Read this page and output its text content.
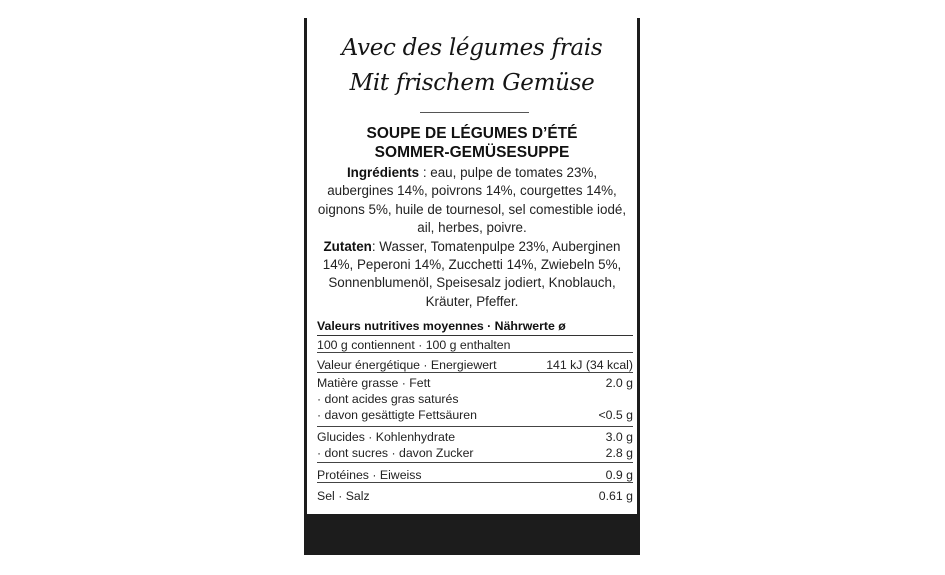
Avec des légumes frais
Mit frischem Gemüse
SOUPE DE LÉGUMES D’ÉTÉ
SOMMER-GEMÜSESUPPE
Ingrédients : eau, pulpe de tomates 23%, aubergines 14%, poivrons 14%, courgettes 14%, oignons 5%, huile de tournesol, sel comestible iodé, ail, herbes, poivre.
Zutaten: Wasser, Tomatenpulpe 23%, Auberginen 14%, Peperoni 14%, Zucchetti 14%, Zwiebeln 5%, Sonnenblumenöl, Speisesalz jodiert, Knoblauch, Kräuter, Pfeffer.
Valeurs nutritives moyennes · Nährwerte ø
100 g contiennent · 100 g enthalten
Valeur énergétique · Energiewert	141 kJ (34 kcal)
Matière grasse · Fett	2.0 g
· dont acides gras saturés
· davon gesättigte Fettsäuren	<0.5 g
Glucides · Kohlenhydrate	3.0 g
· dont sucres · davon Zucker	2.8 g
Protéines · Eiweiss	0.9 g
Sel · Salz	0.61 g
